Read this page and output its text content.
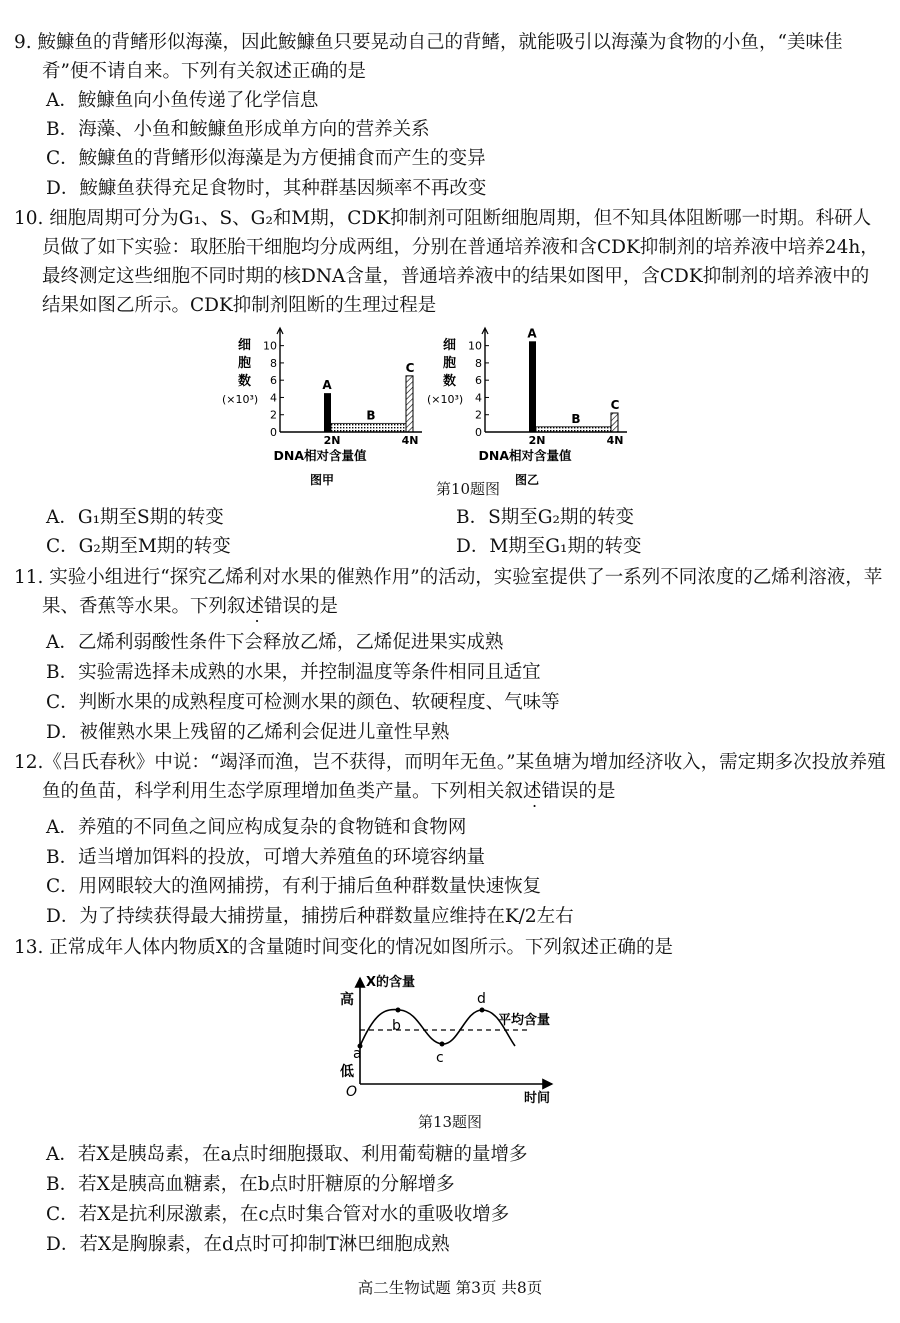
9. 鮟鱇鱼的背鳍形似海藻，因此鮟鱇鱼只要晃动自己的背鳍，就能吸引以海藻为食物的小鱼，“美味佳肴”便不请自来。下列有关叙述正确的是
A．鮟鱇鱼向小鱼传递了化学信息
B．海藻、小鱼和鮟鱇鱼形成单方向的营养关系
C．鮟鱇鱼的背鳍形似海藻是为方便捕食而产生的变异
D．鮟鱇鱼获得充足食物时，其种群基因频率不再改变
10. 细胞周期可分为G₁、S、G₂和M期，CDK抑制剂可阻断细胞周期，但不知具体阻断哪一时期。科研人员做了如下实验：取胚胎干细胞均分成两组，分别在普通培养液和含CDK抑制剂的培养液中培养24h，最终测定这些细胞不同时期的核DNA含量，普通培养液中的结果如图甲，含CDK抑制剂的培养液中的结果如图乙所示。CDK抑制剂阻断的生理过程是
细
胞
数
(×10³)
0
2
4
6
8
10
2N	4N
DNA相对含量值
图甲
A
B
C
细
胞
数
(×10³)
0
2
4
6
8
10
2N	4N
DNA相对含量值
图乙
A
B
C
第10题图
A．G₁期至S期的转变	B．S期至G₂期的转变
C．G₂期至M期的转变	D．M期至G₁期的转变
11. 实验小组进行“探究乙烯利对水果的催熟作用”的活动，实验室提供了一系列不同浓度的乙烯利溶液，苹果、香蕉等水果。下列叙述错误的是
A．乙烯利弱酸性条件下会释放乙烯，乙烯促进果实成熟
B．实验需选择未成熟的水果，并控制温度等条件相同且适宜
C．判断水果的成熟程度可检测水果的颜色、软硬程度、气味等
D．被催熟水果上残留的乙烯利会促进儿童性早熟
12.《吕氏春秋》中说：“竭泽而渔，岂不获得，而明年无鱼。”某鱼塘为增加经济收入，需定期多次投放养殖鱼的鱼苗，科学利用生态学原理增加鱼类产量。下列相关叙述错误的是
A．养殖的不同鱼之间应构成复杂的食物链和食物网
B．适当增加饵料的投放，可增大养殖鱼的环境容纳量
C．用网眼较大的渔网捕捞，有利于捕后鱼种群数量快速恢复
D．为了持续获得最大捕捞量，捕捞后种群数量应维持在K/2左右
13. 正常成年人体内物质X的含量随时间变化的情况如图所示。下列叙述正确的是
X的含量
时间
高
低
O
平均含量
a
b
c
d
第13题图
A．若X是胰岛素，在a点时细胞摄取、利用葡萄糖的量增多
B．若X是胰高血糖素，在b点时肝糖原的分解增多
C．若X是抗利尿激素，在c点时集合管对水的重吸收增多
D．若X是胸腺素，在d点时可抑制T淋巴细胞成熟
高二生物试题 第3页 共8页
